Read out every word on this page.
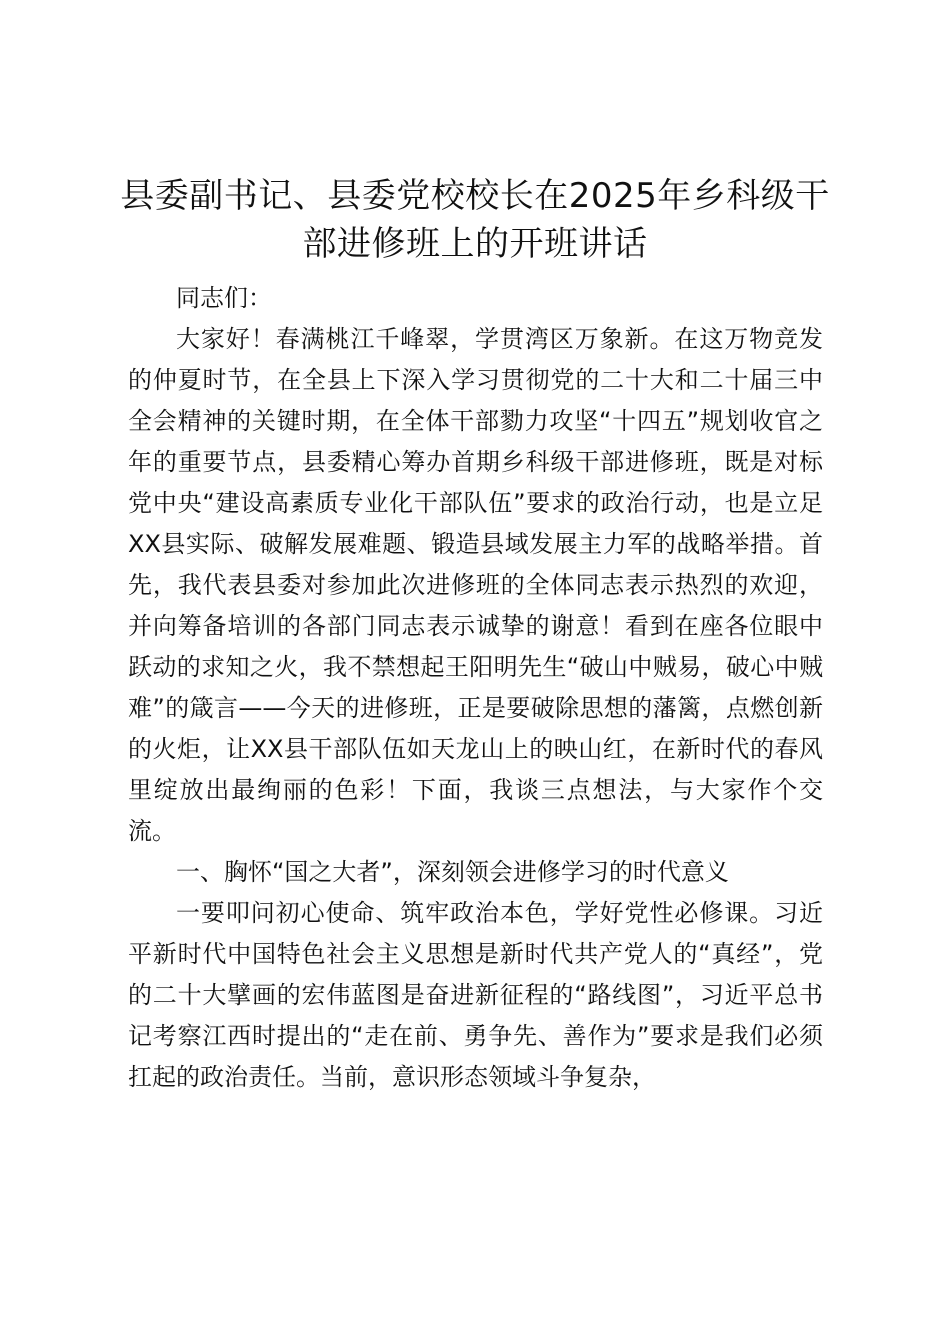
县委副书记、县委党校校长在2025年乡科级干部进修班上的开班讲话

同志们：

大家好！春满桃江千峰翠，学贯湾区万象新。在这万物竞发的仲夏时节，在全县上下深入学习贯彻党的二十大和二十届三中全会精神的关键时期，在全体干部勠力攻坚“十四五”规划收官之年的重要节点，县委精心筹办首期乡科级干部进修班，既是对标党中央“建设高素质专业化干部队伍”要求的政治行动，也是立足XX县实际、破解发展难题、锻造县域发展主力军的战略举措。首先，我代表县委对参加此次进修班的全体同志表示热烈的欢迎，并向筹备培训的各部门同志表示诚挚的谢意！看到在座各位眼中跃动的求知之火，我不禁想起王阳明先生“破山中贼易，破心中贼难”的箴言——今天的进修班，正是要破除思想的藩篱，点燃创新的火炬，让XX县干部队伍如天龙山上的映山红，在新时代的春风里绽放出最绚丽的色彩！下面，我谈三点想法，与大家作个交流。

一、胸怀“国之大者”，深刻领会进修学习的时代意义

一要叩问初心使命、筑牢政治本色，学好党性必修课。习近平新时代中国特色社会主义思想是新时代共产党人的“真经”，党的二十大擘画的宏伟蓝图是奋进新征程的“路线图”，习近平总书记考察江西时提出的“走在前、勇争先、善作为”要求是我们必须扛起的政治责任。当前，意识形态领域斗争复杂，
